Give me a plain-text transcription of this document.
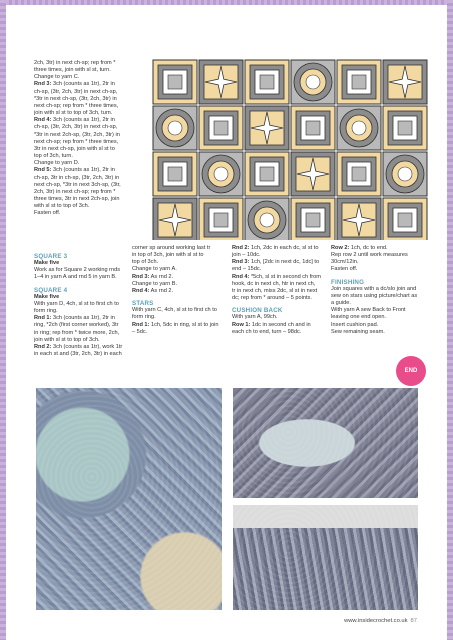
2ch, 3tr) in next ch-sp; rep from *

three times, join with sl st, turn.

Change to yarn C.

Rnd 3: 3ch (counts as 1tr), 2tr in

ch-sp, (3tr, 2ch, 3tr) in next ch-sp,

*3tr in next ch-sp, (3tr, 2ch, 3tr) in

next ch-sp; rep from * three times,

join with sl st to top of 3ch, turn.

Rnd 4: 3ch (counts as 1tr), 2tr in

ch-sp, (3tr, 2ch, 3tr) in next ch-sp,

*3tr in next 2ch-sp, (3tr, 2ch, 3tr) in

next ch-sp; rep from * three times,

3tr in next ch-sp, join with sl st to

top of 3ch, turn.

Change to yarn D.

Rnd 5: 3ch (counts as 1tr), 2tr in

ch-sp, 3tr in ch-sp, (3tr, 2ch, 3tr) in

next ch-sp, *3tr in next 3ch-sp, (3tr,

2ch, 3tr) in next ch-sp; rep from *

three times, 3tr in next 2ch-sp, join

with sl st to top of 3ch.

Fasten off.

SQUARE 3

Make five

Work as for Square 2 working rnds

1–4 in yarn A and rnd 5 in yarn B.

SQUARE 4

Make five

With yarn D, 4ch, sl st to first ch to

form ring.

Rnd 1: 3ch (counts as 1tr), 2tr in

ring, *2ch (first corner worked), 3tr

in ring; rep from * twice more, 2ch,

join with sl st to top of 3ch.

Rnd 2: 3ch (counts as 1tr), work 1tr

in each st and (3tr, 2ch, 3tr) in each

corner sp around working last tr

in top of 3ch, join with sl st to

top of 3ch.

Change to yarn A.

Rnd 3: As rnd 2.

Change to yarn B.

Rnd 4: As rnd 2.

STARS

With yarn C, 4ch, sl st to first ch to

form ring.

Rnd 1: 1ch, 5dc in ring, sl st to join

– 5dc.

Rnd 2: 1ch, 2dc in each dc, sl st to

join – 10dc.

Rnd 3: 1ch, [2dc in next dc, 1dc] to

end – 15dc.

Rnd 4: *5ch, sl st in second ch from

hook, dc in next ch, htr in next ch,

tr in next ch, miss 2dc, sl st in next

dc; rep from * around – 5 points.

CUSHION BACK

With yarn A, 99ch.

Row 1: 1dc in second ch and in

each ch to end, turn – 98dc.

Row 2: 1ch, dc to end.

Rep row 2 until work measures

30cm/12in.

Fasten off.

FINISHING

Join squares with a dc/slo join and

sew on stars using picture/chart as

a guide.

With yarn A sew Back to Front

leaving one end open.

Insert cushion pad.

Sew remaining seam.

END
www.insidecrochet.co.uk 87
